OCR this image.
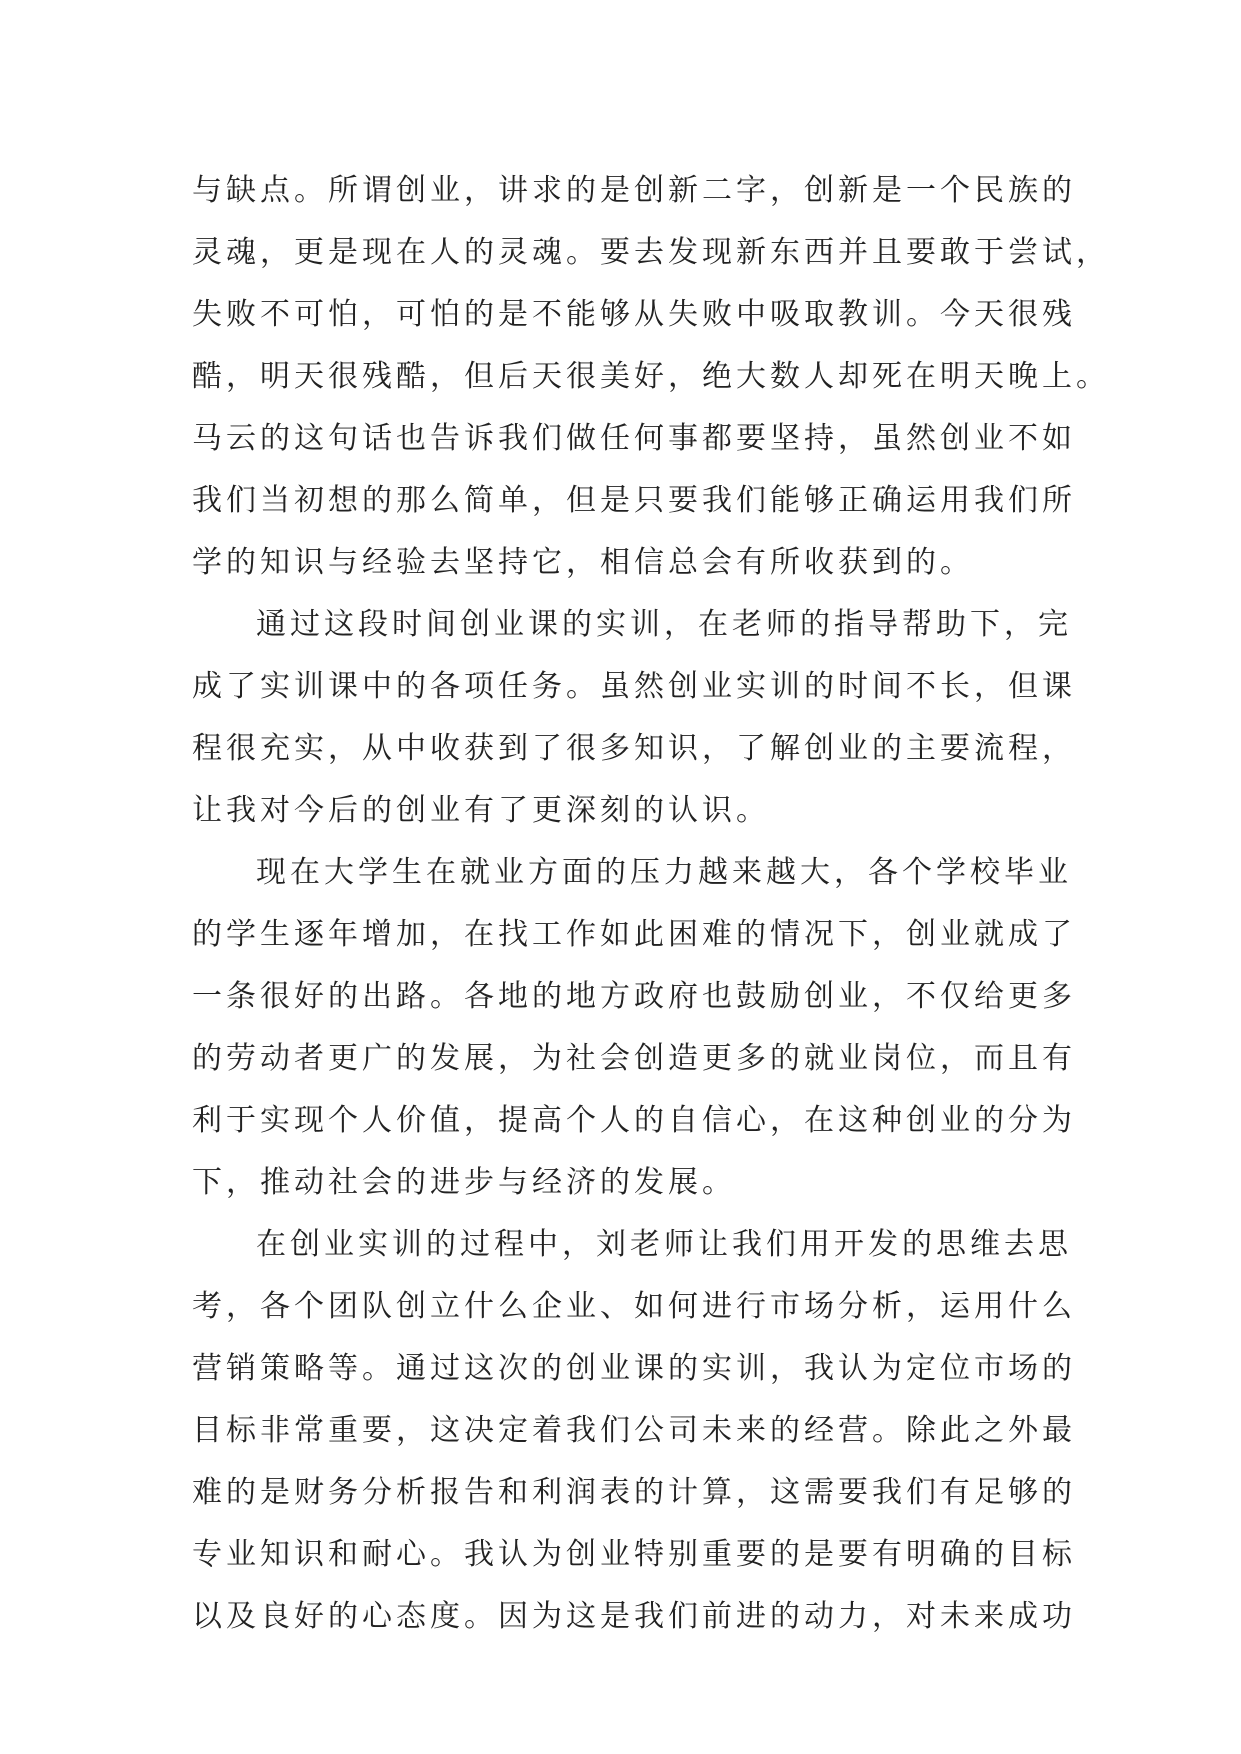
与缺点。所谓创业，讲求的是创新二字，创新是一个民族的
灵魂，更是现在人的灵魂。要去发现新东西并且要敢于尝试，
失败不可怕，可怕的是不能够从失败中吸取教训。今天很残
酷，明天很残酷，但后天很美好，绝大数人却死在明天晚上。
马云的这句话也告诉我们做任何事都要坚持，虽然创业不如
我们当初想的那么简单，但是只要我们能够正确运用我们所
学的知识与经验去坚持它，相信总会有所收获到的。
通过这段时间创业课的实训，在老师的指导帮助下，完
成了实训课中的各项任务。虽然创业实训的时间不长，但课
程很充实，从中收获到了很多知识，了解创业的主要流程，
让我对今后的创业有了更深刻的认识。
现在大学生在就业方面的压力越来越大，各个学校毕业
的学生逐年增加，在找工作如此困难的情况下，创业就成了
一条很好的出路。各地的地方政府也鼓励创业，不仅给更多
的劳动者更广的发展，为社会创造更多的就业岗位，而且有
利于实现个人价值，提高个人的自信心，在这种创业的分为
下，推动社会的进步与经济的发展。
在创业实训的过程中，刘老师让我们用开发的思维去思
考，各个团队创立什么企业、如何进行市场分析，运用什么
营销策略等。通过这次的创业课的实训，我认为定位市场的
目标非常重要，这决定着我们公司未来的经营。除此之外最
难的是财务分析报告和利润表的计算，这需要我们有足够的
专业知识和耐心。我认为创业特别重要的是要有明确的目标
以及良好的心态度。因为这是我们前进的动力，对未来成功
